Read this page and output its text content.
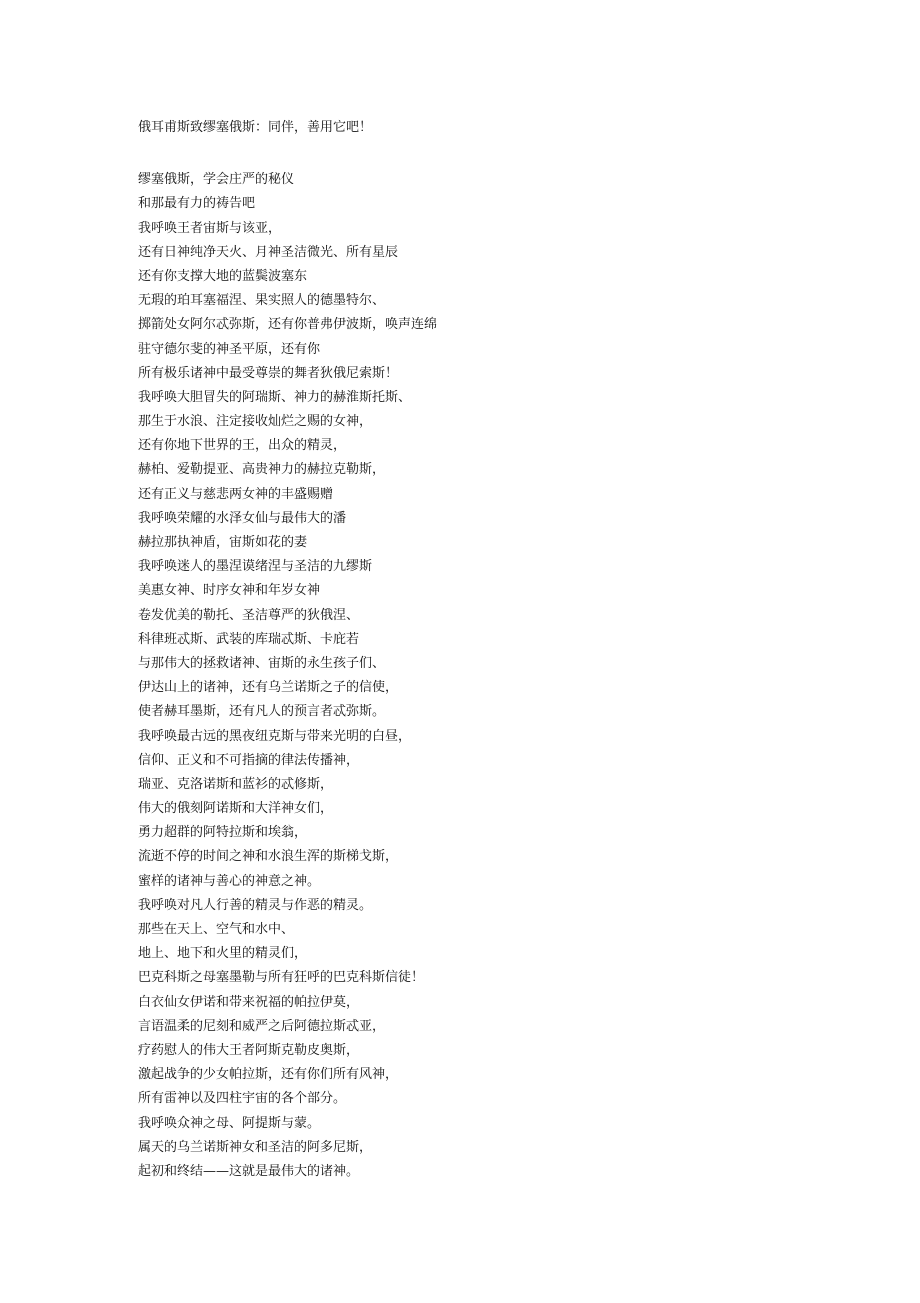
俄耳甫斯致缪塞俄斯：同伴，善用它吧！

缪塞俄斯，学会庄严的秘仪

和那最有力的祷告吧

我呼唤王者宙斯与该亚，

还有日神纯净天火、月神圣洁微光、所有星辰

还有你支撑大地的蓝鬓波塞东

无瑕的珀耳塞福涅、果实照人的德墨特尔、

掷箭处女阿尔忒弥斯，还有你普弗伊波斯，唤声连绵

驻守德尔斐的神圣平原，还有你

所有极乐诸神中最受尊崇的舞者狄俄尼索斯！

我呼唤大胆冒失的阿瑞斯、神力的赫淮斯托斯、

那生于水浪、注定接收灿烂之赐的女神，

还有你地下世界的王，出众的精灵，

赫柏、爱勒提亚、高贵神力的赫拉克勒斯，

还有正义与慈悲两女神的丰盛赐赠

我呼唤荣耀的水泽女仙与最伟大的潘

赫拉那执神盾，宙斯如花的妻

我呼唤迷人的墨涅谟绪涅与圣洁的九缪斯

美惠女神、时序女神和年岁女神

卷发优美的勒托、圣洁尊严的狄俄涅、

科律班忒斯、武装的库瑞忒斯、卡庇若

与那伟大的拯救诸神、宙斯的永生孩子们、

伊达山上的诸神，还有乌兰诺斯之子的信使，

使者赫耳墨斯，还有凡人的预言者忒弥斯。

我呼唤最古远的黑夜纽克斯与带来光明的白昼，

信仰、正义和不可指摘的律法传播神，

瑞亚、克洛诺斯和蓝衫的忒修斯，

伟大的俄刻阿诺斯和大洋神女们，

勇力超群的阿特拉斯和埃翁，

流逝不停的时间之神和水浪生浑的斯梯戈斯，

蜜样的诸神与善心的神意之神。

我呼唤对凡人行善的精灵与作恶的精灵。

那些在天上、空气和水中、

地上、地下和火里的精灵们，

巴克科斯之母塞墨勒与所有狂呼的巴克科斯信徒！

白衣仙女伊诺和带来祝福的帕拉伊莫，

言语温柔的尼刻和威严之后阿德拉斯忒亚，

疗药慰人的伟大王者阿斯克勒皮奥斯，

激起战争的少女帕拉斯，还有你们所有风神，

所有雷神以及四柱宇宙的各个部分。

我呼唤众神之母、阿提斯与蒙。

属天的乌兰诺斯神女和圣洁的阿多尼斯，

起初和终结——这就是最伟大的诸神。
